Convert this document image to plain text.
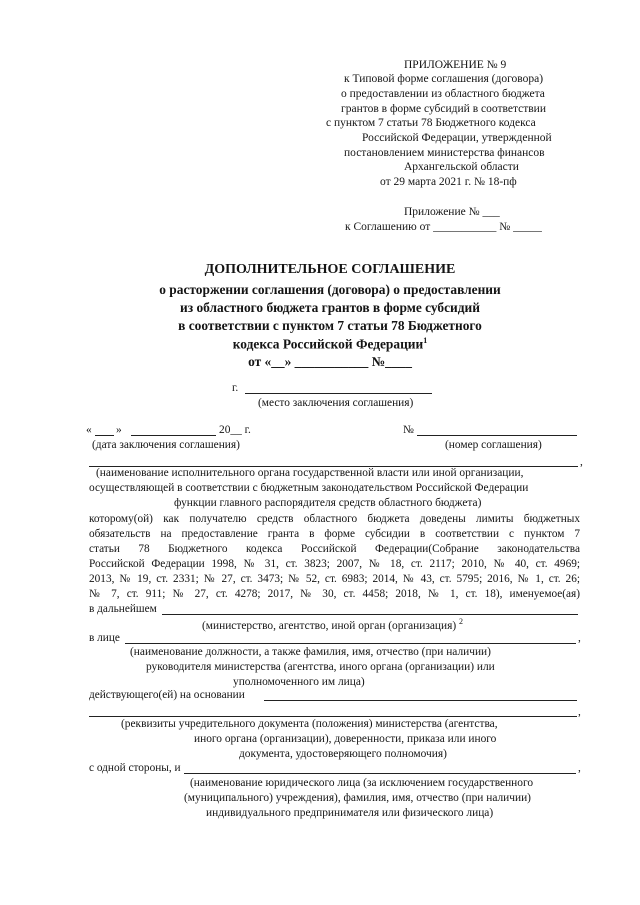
ПРИЛОЖЕНИЕ № 9
к Типовой форме соглашения (договора)
о предоставлении из областного бюджета
грантов в форме субсидий в соответствии
с пунктом 7 статьи 78 Бюджетного кодекса
Российской Федерации, утвержденной
постановлением министерства финансов
Архангельской области
от 29 марта 2021 г. № 18-пф
Приложение № ___
к Соглашению от ___________ № _____
ДОПОЛНИТЕЛЬНОЕ СОГЛАШЕНИЕ
о расторжении соглашения (договора) о предоставлении
из областного бюджета грантов в форме субсидий
в соответствии с пунктом 7 статьи 78 Бюджетного
кодекса Российской Федерации$^1$
от «__» ___________ №____
г.
(место заключения соглашения)
« »	20__ г.
(дата заключения соглашения)
№
(номер соглашения)
,
(наименование исполнительного органа государственной власти или иной организации,
осуществляющей в соответствии с бюджетным законодательством Российской Федерации
функции главного распорядителя средств областного бюджета)
которому(ой) как получателю средств областного бюджета доведены лимиты бюджетных
обязательств на предоставление гранта в форме субсидии в соответствии с пунктом 7
статьи 78 Бюджетного кодекса Российской Федерации(Собрание законодательства
Российской Федерации 1998, № 31, ст. 3823; 2007, № 18, ст. 2117; 2010, № 40, ст. 4969;
2013, № 19, ст. 2331; № 27, ст. 3473; № 52, ст. 6983; 2014, № 43, ст. 5795; 2016, № 1, ст. 26;
№ 7, ст. 911; № 27, ст. 4278; 2017, № 30, ст. 4458; 2018, № 1, ст. 18), именуемое(ая)
в дальнейшем
(министерство, агентство, иной орган (организация) $^2$
в лице	,
(наименование должности, а также фамилия, имя, отчество (при наличии)
руководителя министерства (агентства, иного органа (организации) или
уполномоченного им лица)
действующего(ей) на основании
,
(реквизиты учредительного документа (положения) министерства (агентства,
иного органа (организации), доверенности, приказа или иного
документа, удостоверяющего полномочия)
с одной стороны, и	,
(наименование юридического лица (за исключением государственного
(муниципального) учреждения), фамилия, имя, отчество (при наличии)
индивидуального предпринимателя или физического лица)
